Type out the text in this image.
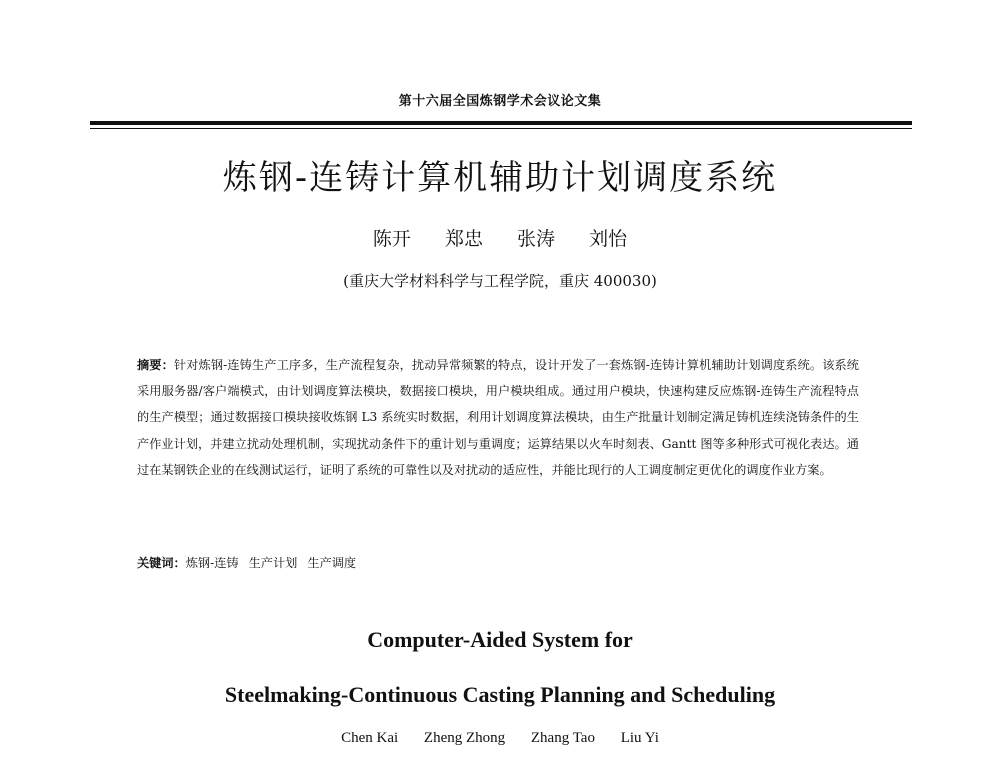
第十六届全国炼钢学术会议论文集
炼钢-连铸计算机辅助计划调度系统
陈开 郑忠 张涛 刘怡
(重庆大学材料科学与工程学院，重庆 400030)
摘要：针对炼钢-连铸生产工序多，生产流程复杂，扰动异常频繁的特点，设计开发了一套炼钢-连铸计算机辅助计划调度系统。该系统采用服务器/客户端模式，由计划调度算法模块，数据接口模块，用户模块组成。通过用户模块，快速构建反应炼钢-连铸生产流程特点的生产模型；通过数据接口模块接收炼钢 L3 系统实时数据，利用计划调度算法模块，由生产批量计划制定满足铸机连续浇铸条件的生产作业计划，并建立扰动处理机制，实现扰动条件下的重计划与重调度；运算结果以火车时刻表、Gantt 图等多种形式可视化表达。通过在某钢铁企业的在线测试运行，证明了系统的可靠性以及对扰动的适应性，并能比现行的人工调度制定更优化的调度作业方案。
关键词：炼钢-连铸 生产计划 生产调度
Computer-Aided System for
Steelmaking-Continuous Casting Planning and Scheduling
Chen Kai Zheng Zhong Zhang Tao Liu Yi
